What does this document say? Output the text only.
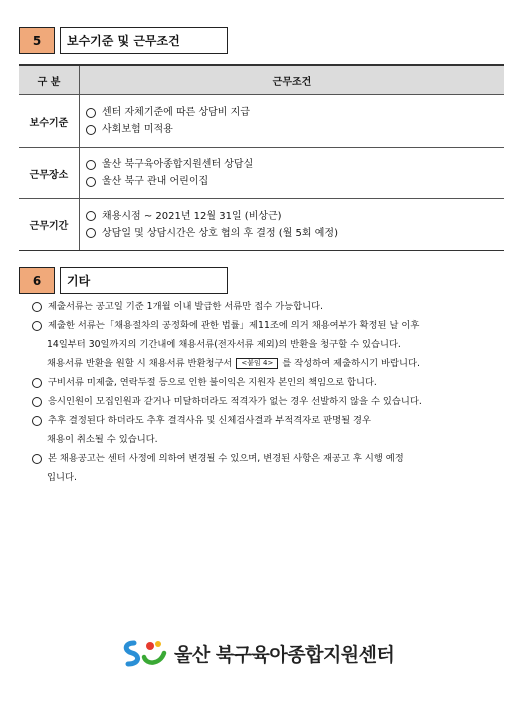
5	보수기준 및 근무조건
구 분	근무조건
보수기준	센터 자체기준에 따른 상담비 지급
사회보험 미적용

근무장소	울산 북구육아종합지원센터 상담실
울산 북구 관내 어린이집

근무기간	채용시점 ~ 2021년 12월 31일 (비상근)
상담일 및 상담시간은 상호 협의 후 결정 (월 5회 예정)
6	기타
제출서류는 공고일 기준 1개월 이내 발급한 서류만 접수 가능합니다.
제출한 서류는「채용절차의 공정화에 관한 법률」제11조에 의거 채용여부가 확정된 날 이후
14일부터 30일까지의 기간내에 채용서류(전자서류 제외)의 반환을 청구할 수 있습니다.
채용서류 반환을 원할 시 채용서류 반환청구서 <붙임 4> 를 작성하여 제출하시기 바랍니다.
구비서류 미제출, 연락두절 등으로 인한 불이익은 지원자 본인의 책임으로 합니다.
응시인원이 모집인원과 같거나 미달하더라도 적격자가 없는 경우 선발하지 않을 수 있습니다.
추후 결정된다 하더라도 추후 결격사유 및 신체검사결과 부적격자로 판명될 경우
채용이 취소될 수 있습니다.
본 채용공고는 센터 사정에 의하여 변경될 수 있으며, 변경된 사항은 재공고 후 시행 예정
입니다.
울산 북구육아종합지원센터
